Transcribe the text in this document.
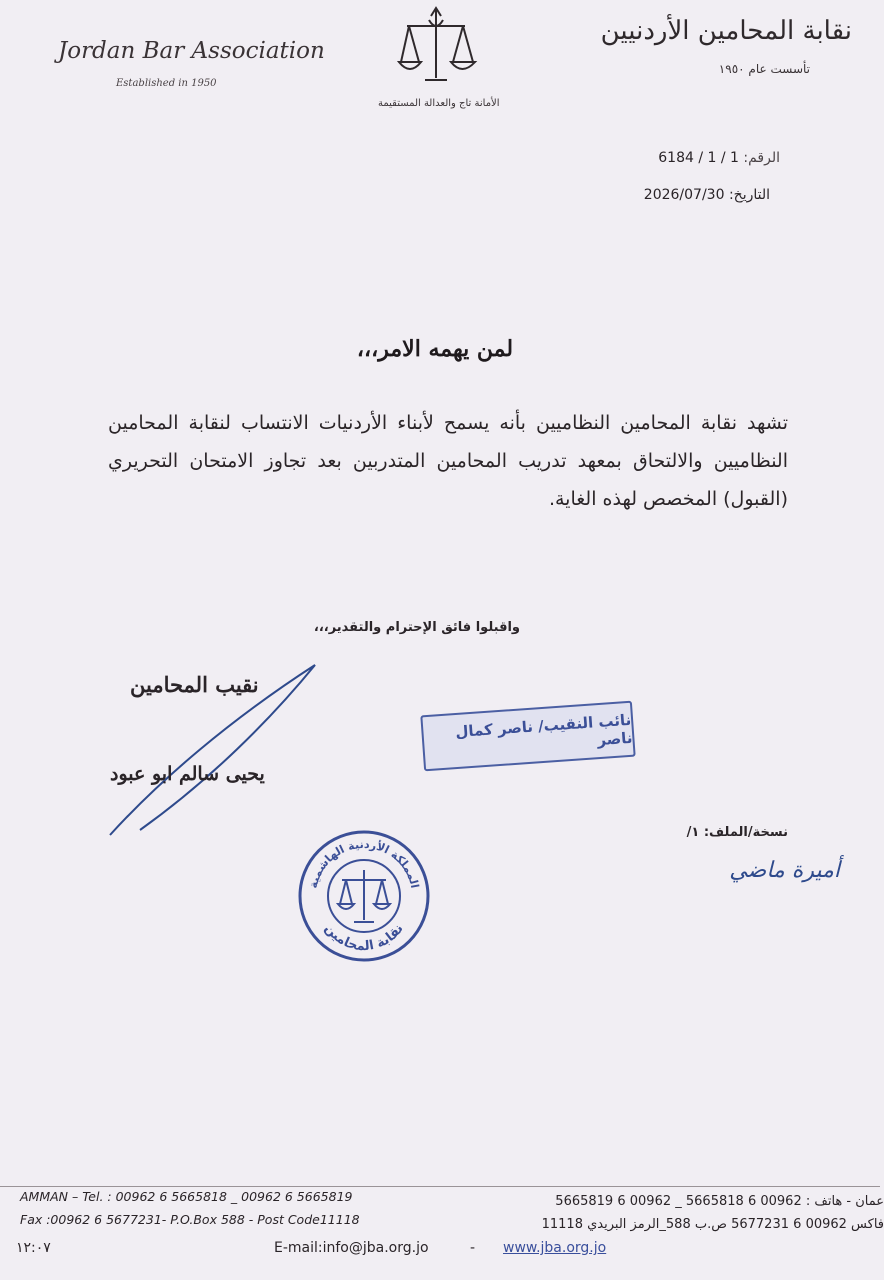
Jordan Bar Association
Established in 1950
الأمانة تاج والعدالة المستقيمة
نقابة المحامين الأردنيين
تأسست عام ١٩٥٠
الرقم: 6184 / 1 / 1
التاريخ: 2026/07/30
لمن يهمه الامر،،،
تشهد نقابة المحامين النظاميين بأنه يسمح لأبناء الأردنيات الانتساب لنقابة المحامين النظاميين والالتحاق بمعهد تدريب المحامين المتدربين بعد تجاوز الامتحان التحريري (القبول) المخصص لهذه الغاية.
واقبلوا فائق الإحترام والتقدير،،،
نقيب المحامين
يحيى سالم ابو عبود
نائب النقيب/ ناصر كمال ناصر
نسخة/الملف: ١/
أميرة ماضي
المملكة الأردنية الهاشمية
نقابة المحامين
AMMAN – Tel. : 00962 6 5665818 _ 00962 6 5665819
Fax :00962 6 5677231- P.O.Box 588 - Post Code11118
عمان - هاتف : 00962 6 5665818 _ 00962 6 5665819
فاكس 00962 6 5677231 ص.ب 588_الرمز البريدي 11118
١٢:٠٧	E-mail:info@jba.org.jo	- www.jba.org.jo
